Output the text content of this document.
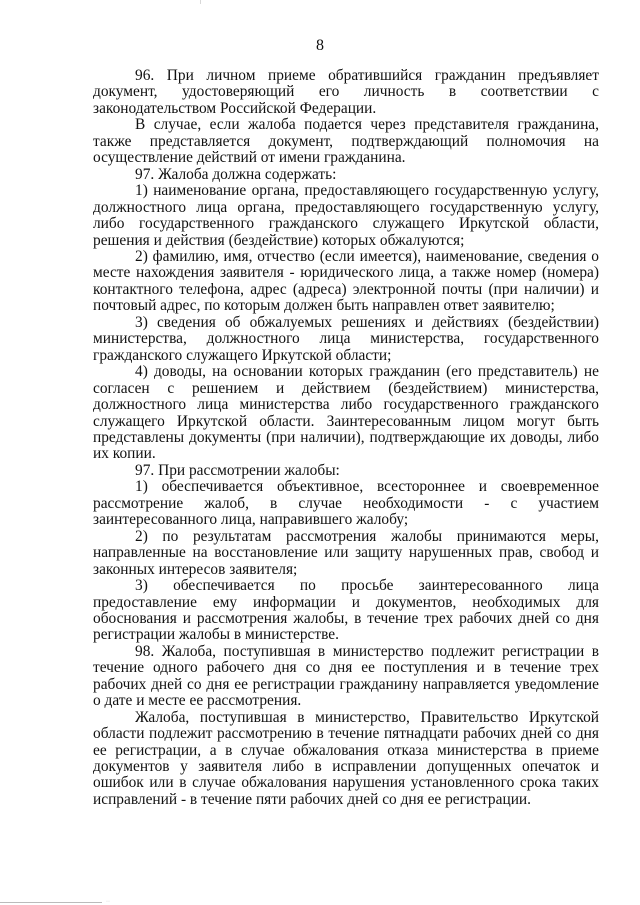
8

96. При личном приеме обратившийся гражданин предъявляет документ, удостоверяющий его личность в соответствии с законодательством Российской Федерации.

В случае, если жалоба подается через представителя гражданина, также представляется документ, подтверждающий полномочия на осуществление действий от имени гражданина.

97. Жалоба должна содержать:

1) наименование органа, предоставляющего государственную услугу, должностного лица органа, предоставляющего государственную услугу, либо государственного гражданского служащего Иркутской области, решения и действия (бездействие) которых обжалуются;

2) фамилию, имя, отчество (если имеется), наименование, сведения о месте нахождения заявителя - юридического лица, а также номер (номера) контактного телефона, адрес (адреса) электронной почты (при наличии) и почтовый адрес, по которым должен быть направлен ответ заявителю;

3) сведения об обжалуемых решениях и действиях (бездействии) министерства, должностного лица министерства, государственного гражданского служащего Иркутской области;

4) доводы, на основании которых гражданин (его представитель) не согласен с решением и действием (бездействием) министерства, должностного лица министерства либо государственного гражданского служащего Иркутской области. Заинтересованным лицом могут быть представлены документы (при наличии), подтверждающие их доводы, либо их копии.

97. При рассмотрении жалобы:

1) обеспечивается объективное, всестороннее и своевременное рассмотрение жалоб, в случае необходимости - с участием заинтересованного лица, направившего жалобу;

2) по результатам рассмотрения жалобы принимаются меры, направленные на восстановление или защиту нарушенных прав, свобод и законных интересов заявителя;

3) обеспечивается по просьбе заинтересованного лица предоставление ему информации и документов, необходимых для обоснования и рассмотрения жалобы, в течение трех рабочих дней со дня регистрации жалобы в министерстве.

98. Жалоба, поступившая в министерство подлежит регистрации в течение одного рабочего дня со дня ее поступления и в течение трех рабочих дней со дня ее регистрации гражданину направляется уведомление о дате и месте ее рассмотрения.

Жалоба, поступившая в министерство, Правительство Иркутской области подлежит рассмотрению в течение пятнадцати рабочих дней со дня ее регистрации, а в случае обжалования отказа министерства в приеме документов у заявителя либо в исправлении допущенных опечаток и ошибок или в случае обжалования нарушения установленного срока таких исправлений - в течение пяти рабочих дней со дня ее регистрации.

··
